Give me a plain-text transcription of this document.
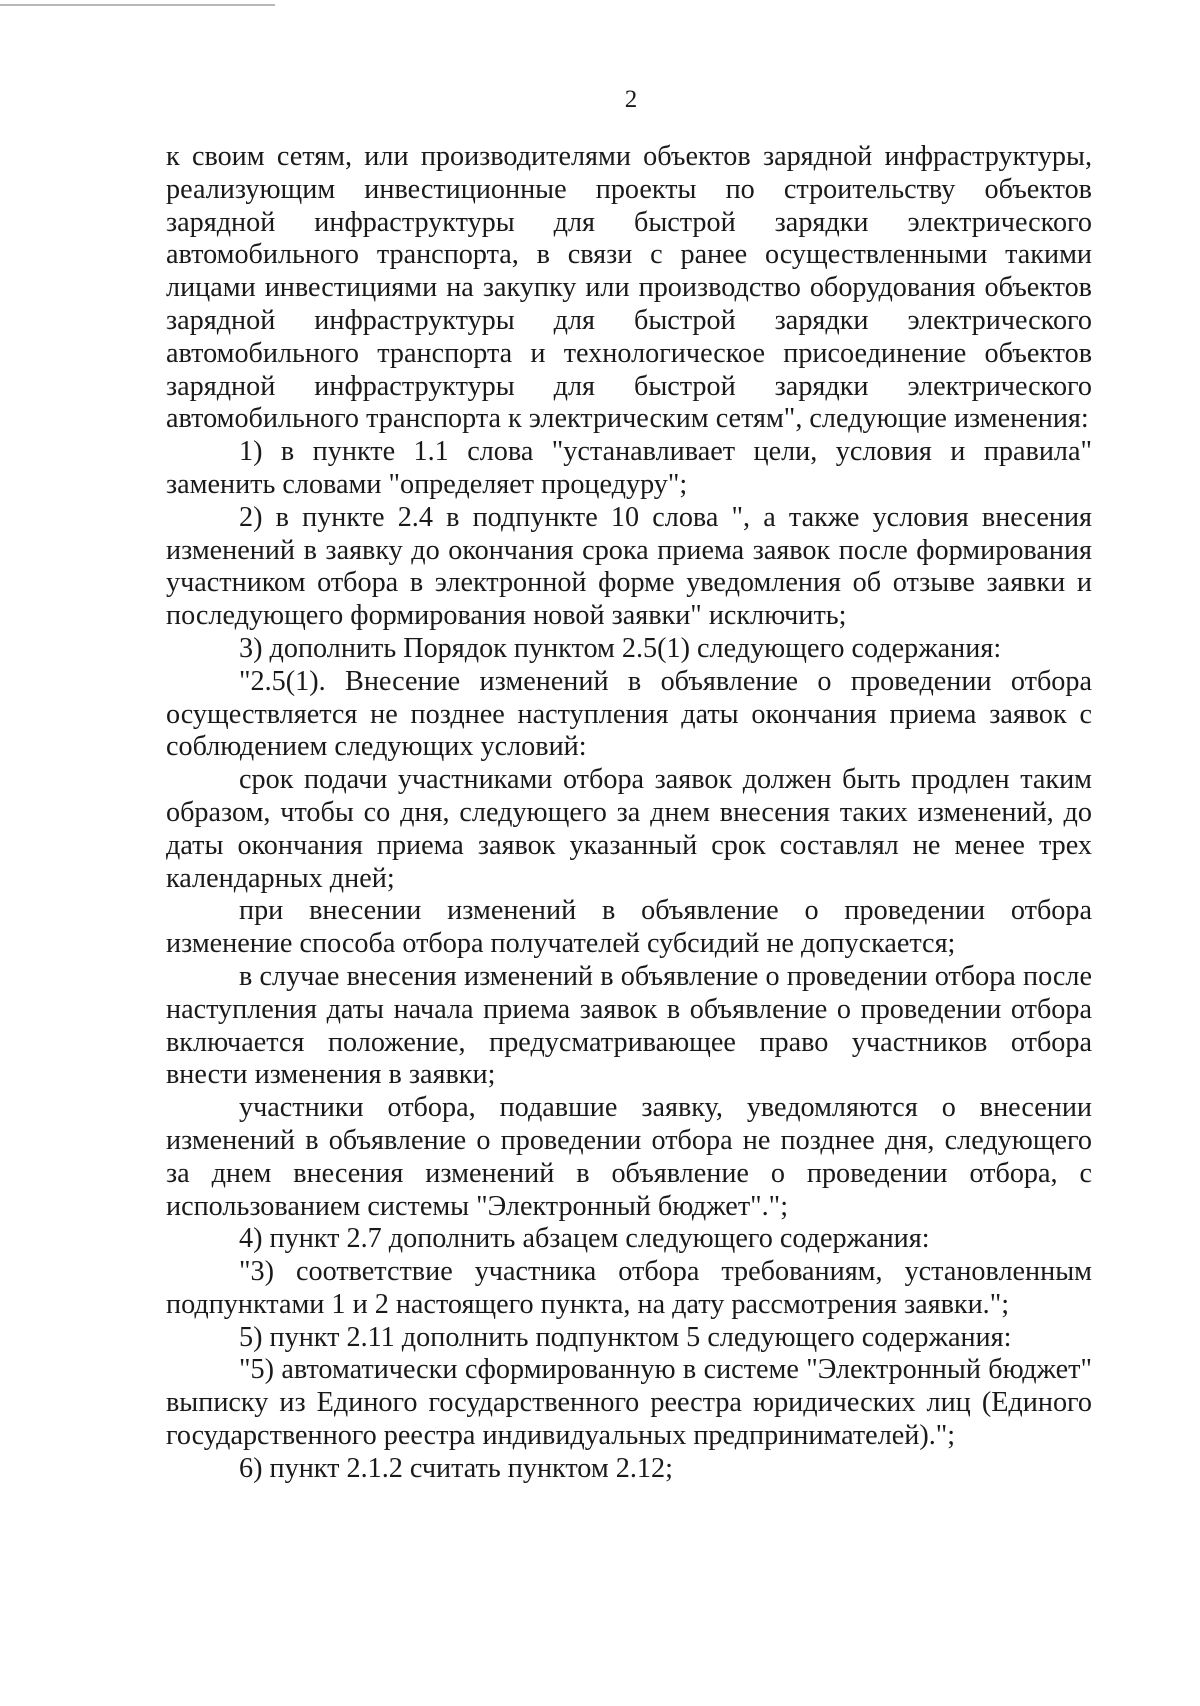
2

к своим сетям, или производителями объектов зарядной инфраструктуры, реализующим инвестиционные проекты по строительству объектов зарядной инфраструктуры для быстрой зарядки электрического автомобильного транспорта, в связи с ранее осуществленными такими лицами инвестициями на закупку или производство оборудования объектов зарядной инфраструктуры для быстрой зарядки электрического автомобильного транспорта и технологическое присоединение объектов зарядной инфраструктуры для быстрой зарядки электрического автомобильного транспорта к электрическим сетям", следующие изменения:

1) в пункте 1.1 слова "устанавливает цели, условия и правила" заменить словами "определяет процедуру";

2) в пункте 2.4 в подпункте 10 слова ", а также условия внесения изменений в заявку до окончания срока приема заявок после формирования участником отбора в электронной форме уведомления об отзыве заявки и последующего формирования новой заявки" исключить;

3) дополнить Порядок пунктом 2.5(1) следующего содержания:

"2.5(1). Внесение изменений в объявление о проведении отбора осуществляется не позднее наступления даты окончания приема заявок с соблюдением следующих условий:

срок подачи участниками отбора заявок должен быть продлен таким образом, чтобы со дня, следующего за днем внесения таких изменений, до даты окончания приема заявок указанный срок составлял не менее трех календарных дней;

при внесении изменений в объявление о проведении отбора изменение способа отбора получателей субсидий не допускается;

в случае внесения изменений в объявление о проведении отбора после наступления даты начала приема заявок в объявление о проведении отбора включается положение, предусматривающее право участников отбора внести изменения в заявки;

участники отбора, подавшие заявку, уведомляются о внесении изменений в объявление о проведении отбора не позднее дня, следующего за днем внесения изменений в объявление о проведении отбора, с использованием системы "Электронный бюджет".";

4) пункт 2.7 дополнить абзацем следующего содержания:

"3) соответствие участника отбора требованиям, установленным подпунктами 1 и 2 настоящего пункта, на дату рассмотрения заявки.";

5) пункт 2.11 дополнить подпунктом 5 следующего содержания:

"5) автоматически сформированную в системе "Электронный бюджет" выписку из Единого государственного реестра юридических лиц (Единого государственного реестра индивидуальных предпринимателей).";

6) пункт 2.1.2 считать пунктом 2.12;
